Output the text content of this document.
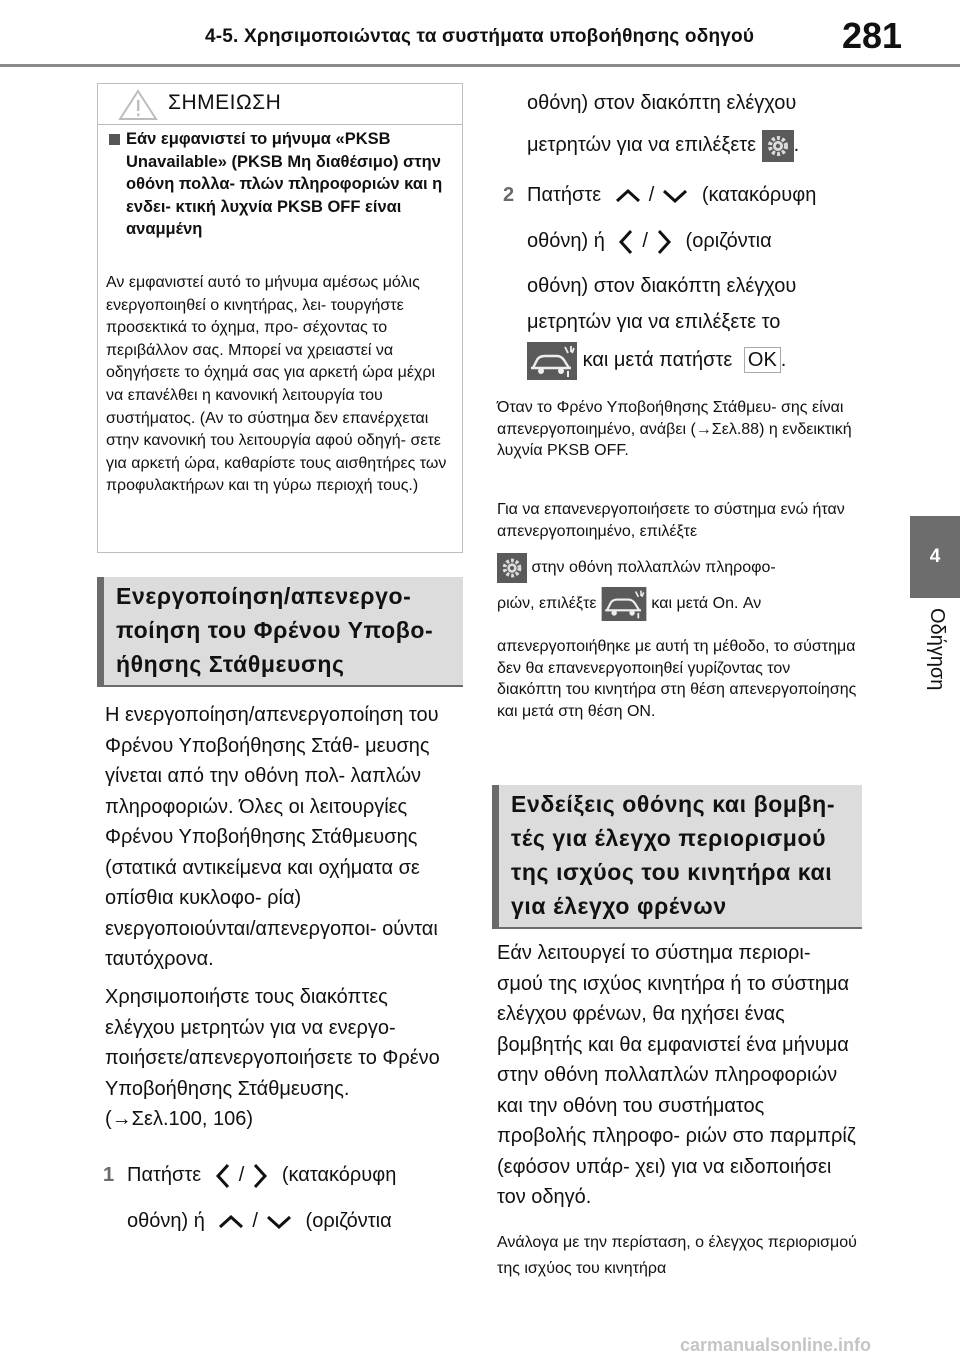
4-5. Χρησιμοποιώντας τα συστήματα υποβοήθησης οδηγού 281
4
Οδήγηση
ΣΗΜΕΙΩΣΗ
Εάν εμφανιστεί το μήνυμα «PKSB Unavailable» (PKSB Μη διαθέσιμο) στην οθόνη πολλα- πλών πληροφοριών και η ενδει- κτική λυχνία PKSB OFF είναι αναμμένη
Αν εμφανιστεί αυτό το μήνυμα αμέσως μόλις ενεργοποιηθεί ο κινητήρας, λει- τουργήστε προσεκτικά το όχημα, προ- σέχοντας το περιβάλλον σας. Μπορεί να χρειαστεί να οδηγήσετε το όχημά σας για αρκετή ώρα μέχρι να επανέλθει η κανονική λειτουργία του συστήματος. (Αν το σύστημα δεν επανέρχεται στην κανονική του λειτουργία αφού οδηγή- σετε για αρκετή ώρα, καθαρίστε τους αισθητήρες των προφυλακτήρων και τη γύρω περιοχή τους.)
Ενεργοποίηση/απενεργο- ποίηση του Φρένου Υποβο- ήθησης Στάθμευσης
Η ενεργοποίηση/απενεργοποίηση του Φρένου Υποβοήθησης Στάθ- μευσης γίνεται από την οθόνη πολ- λαπλών πληροφοριών. Όλες οι λειτουργίες Φρένου Υποβοήθησης Στάθμευσης (στατικά αντικείμενα και οχήματα σε οπίσθια κυκλοφο- ρία) ενεργοποιούνται/απενεργοποι- ούνται ταυτόχρονα.
Χρησιμοποιήστε τους διακόπτες ελέγχου μετρητών για να ενεργο- ποιήσετε/απενεργοποιήσετε το Φρένο Υποβοήθησης Στάθμευσης. (→Σελ.100, 106)
1 Πατήστε / (κατακόρυφη
οθόνη) ή / (οριζόντια
οθόνη) στον διακόπτη ελέγχου
μετρητών για να επιλέξετε .
2 Πατήστε / (κατακόρυφη
οθόνη) ή / (οριζόντια
οθόνη) στον διακόπτη ελέγχου
μετρητών για να επιλέξετε το
και μετά πατήστε OK .
Όταν το Φρένο Υποβοήθησης Στάθμευ- σης είναι απενεργοποιημένο, ανάβει (→Σελ.88) η ενδεικτική λυχνία PKSB OFF.
Για να επανενεργοποιήσετε το σύστημα ενώ ήταν απενεργοποιημένο, επιλέξτε
στην οθόνη πολλαπλών πληροφο-
ριών, επιλέξτε	και μετά On. Αν
απενεργοποιήθηκε με αυτή τη μέθοδο, το σύστημα δεν θα επανενεργοποιηθεί γυρίζοντας τον διακόπτη του κινητήρα στη θέση απενεργοποίησης και μετά στη θέση ON.
Ενδείξεις οθόνης και βομβη- τές για έλεγχο περιορισμού της ισχύος του κινητήρα και για έλεγχο φρένων
Εάν λειτουργεί το σύστημα περιορι- σμού της ισχύος κινητήρα ή το σύστημα ελέγχου φρένων, θα ηχήσει ένας βομβητής και θα εμφανιστεί ένα μήνυμα στην οθόνη πολλαπλών πληροφοριών και την οθόνη του συστήματος προβολής πληροφο- ριών στο παρμπρίζ (εφόσον υπάρ- χει) για να ειδοποιήσει τον οδηγό.
Ανάλογα με την περίσταση, ο έλεγχος περιορισμού της ισχύος του κινητήρα
carmanualsonline.info
